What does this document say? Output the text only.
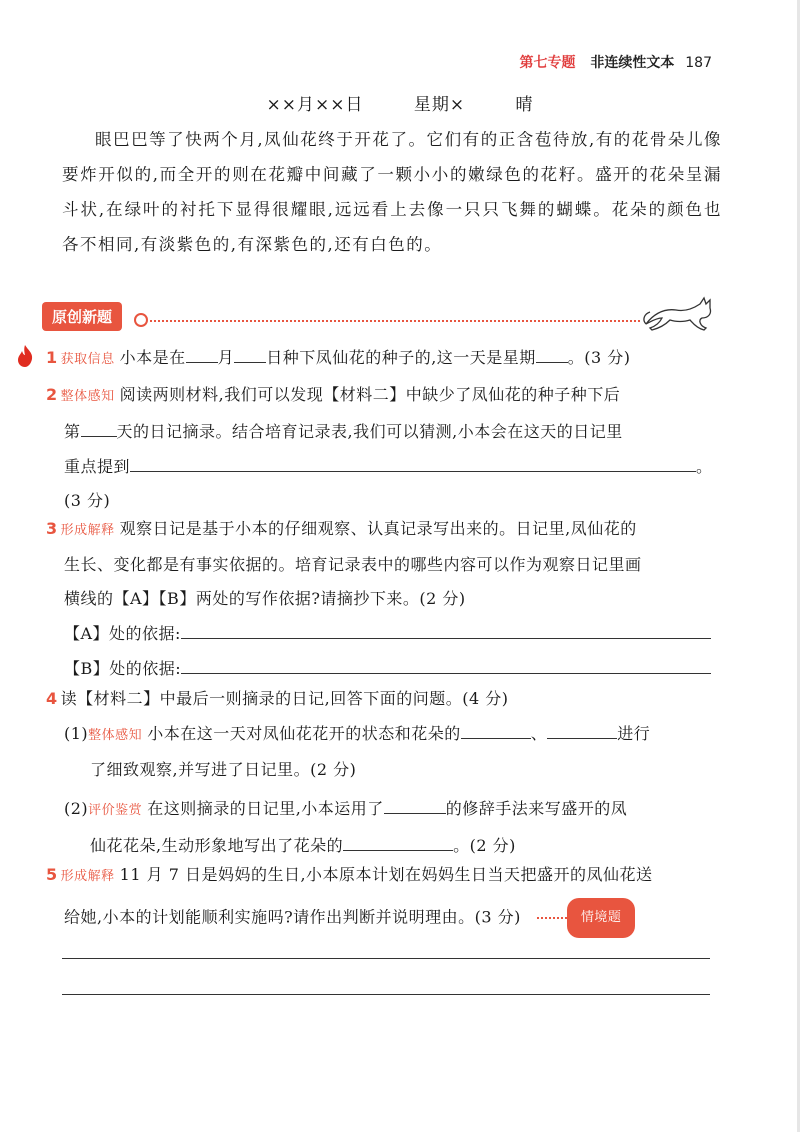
第七专题 非连续性文本 187
××月××日	星期×	晴
眼巴巴等了快两个月,凤仙花终于开花了。它们有的正含苞待放,有的花骨朵儿像要炸开似的,而全开的则在花瓣中间藏了一颗小小的嫩绿色的花籽。盛开的花朵呈漏斗状,在绿叶的衬托下显得很耀眼,远远看上去像一只只飞舞的蝴蝶。花朵的颜色也各不相同,有淡紫色的,有深紫色的,还有白色的。
原创新题
1 获取信息 小本是在 月 日种下凤仙花的种子的,这一天是星期 。(3 分)
2 整体感知 阅读两则材料,我们可以发现【材料二】中缺少了凤仙花的种子种下后
第 天的日记摘录。结合培育记录表,我们可以猜测,小本会在这天的日记里
重点提到	。
(3 分)
3 形成解释 观察日记是基于小本的仔细观察、认真记录写出来的。日记里,凤仙花的
生长、变化都是有事实依据的。培育记录表中的哪些内容可以作为观察日记里画
横线的【A】【B】两处的写作依据?请摘抄下来。(2 分)
【A】处的依据:
【B】处的依据:
4 读【材料二】中最后一则摘录的日记,回答下面的问题。(4 分)
(1)整体感知 小本在这一天对凤仙花花开的状态和花朵的	、	进行
了细致观察,并写进了日记里。(2 分)
(2)评价鉴赏 在这则摘录的日记里,小本运用了	的修辞手法来写盛开的凤
仙花花朵,生动形象地写出了花朵的	。(2 分)
5 形成解释 11 月 7 日是妈妈的生日,小本原本计划在妈妈生日当天把盛开的凤仙花送
给她,小本的计划能顺利实施吗?请作出判断并说明理由。(3 分)	情境题
